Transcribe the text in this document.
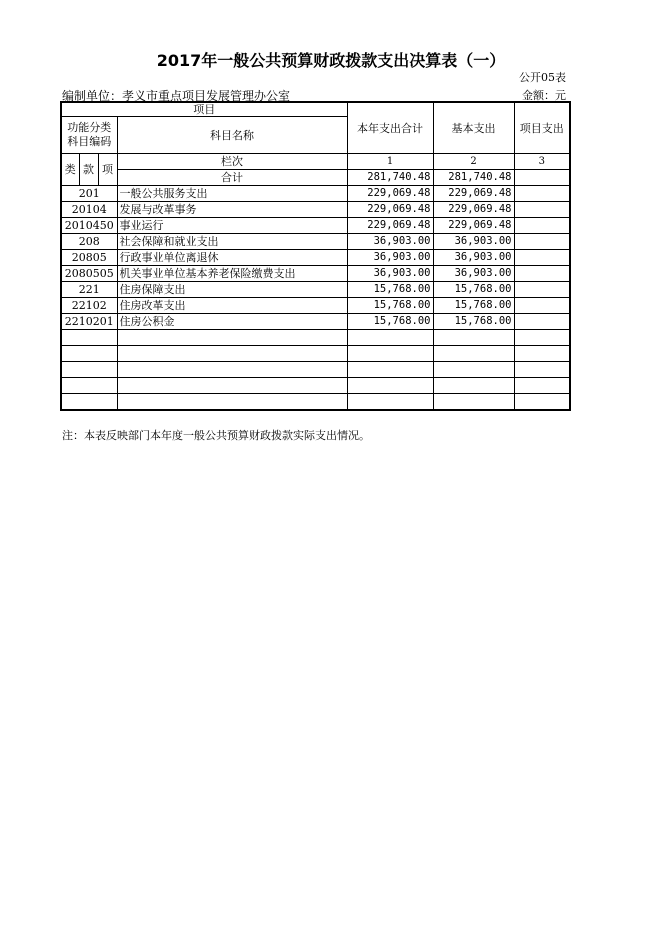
2017年一般公共预算财政拨款支出决算表（一）
公开05表
编制单位：孝义市重点项目发展管理办公室	金额：元
项目				本年支出合计	基本支出	项目支出
功能分类科目编码			科目名称			

类	款	项	栏次	1	2	3
			合计	281,740.48	281,740.48	
201			一般公共服务支出	229,069.48	229,069.48	
20104			发展与改革事务	229,069.48	229,069.48	
2010450			事业运行	229,069.48	229,069.48	
208			社会保障和就业支出	36,903.00	36,903.00	
20805			行政事业单位离退休	36,903.00	36,903.00	
2080505			机关事业单位基本养老保险缴费支出	36,903.00	36,903.00	
221			住房保障支出	15,768.00	15,768.00	
22102			住房改革支出	15,768.00	15,768.00	
2210201			住房公积金	15,768.00	15,768.00	

注：本表反映部门本年度一般公共预算财政拨款实际支出情况。
